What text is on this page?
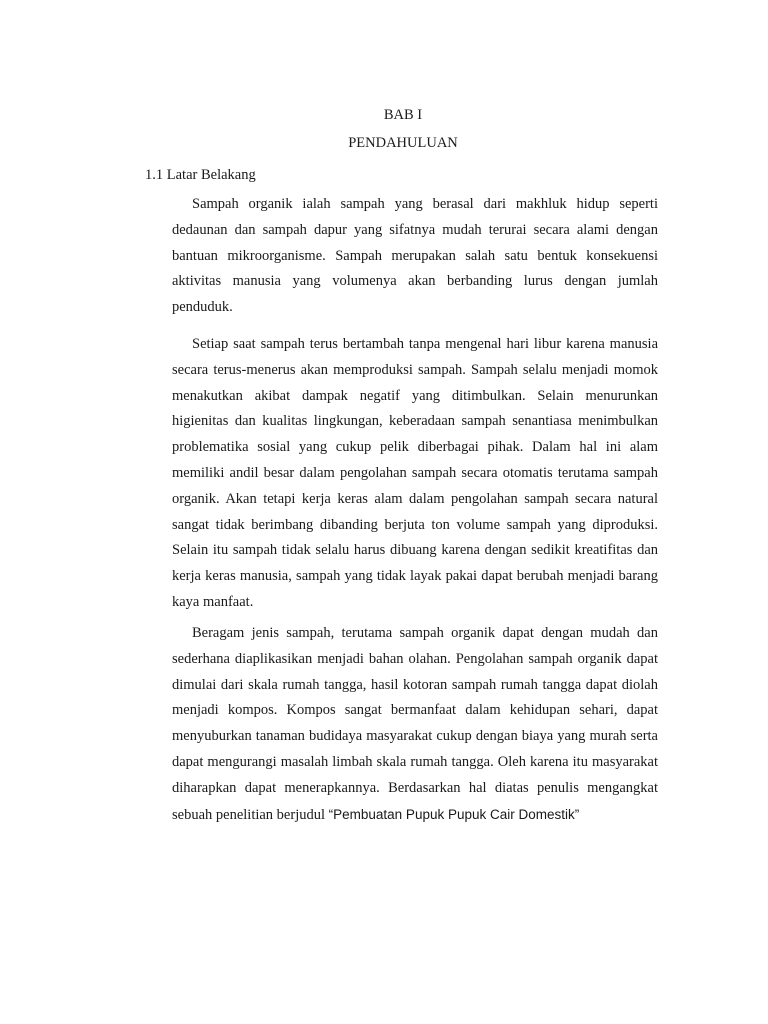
BAB I
PENDAHULUAN
1.1 Latar Belakang

Sampah organik ialah sampah yang berasal dari makhluk hidup seperti dedaunan dan sampah dapur yang sifatnya mudah terurai secara alami dengan bantuan mikroorganisme. Sampah merupakan salah satu bentuk konsekuensi aktivitas manusia yang volumenya akan berbanding lurus dengan jumlah penduduk.

Setiap saat sampah terus bertambah tanpa mengenal hari libur karena manusia secara terus-menerus akan memproduksi sampah. Sampah selalu menjadi momok menakutkan akibat dampak negatif yang ditimbulkan. Selain menurunkan higienitas dan kualitas lingkungan, keberadaan sampah senantiasa menimbulkan problematika sosial yang cukup pelik diberbagai pihak. Dalam hal ini alam memiliki andil besar dalam pengolahan sampah secara otomatis terutama sampah organik. Akan tetapi kerja keras alam dalam pengolahan sampah secara natural sangat tidak berimbang dibanding berjuta ton volume sampah yang diproduksi. Selain itu sampah tidak selalu harus dibuang karena dengan sedikit kreatifitas dan kerja keras manusia, sampah yang tidak layak pakai dapat berubah menjadi barang kaya manfaat.

Beragam jenis sampah, terutama sampah organik dapat dengan mudah dan sederhana diaplikasikan menjadi bahan olahan. Pengolahan sampah organik dapat dimulai dari skala rumah tangga, hasil kotoran sampah rumah tangga dapat diolah menjadi kompos. Kompos sangat bermanfaat dalam kehidupan sehari, dapat menyuburkan tanaman budidaya masyarakat cukup dengan biaya yang murah serta dapat mengurangi masalah limbah skala rumah tangga. Oleh karena itu masyarakat diharapkan dapat menerapkannya. Berdasarkan hal diatas penulis mengangkat sebuah penelitian berjudul “Pembuatan Pupuk Pupuk Cair Domestik”
